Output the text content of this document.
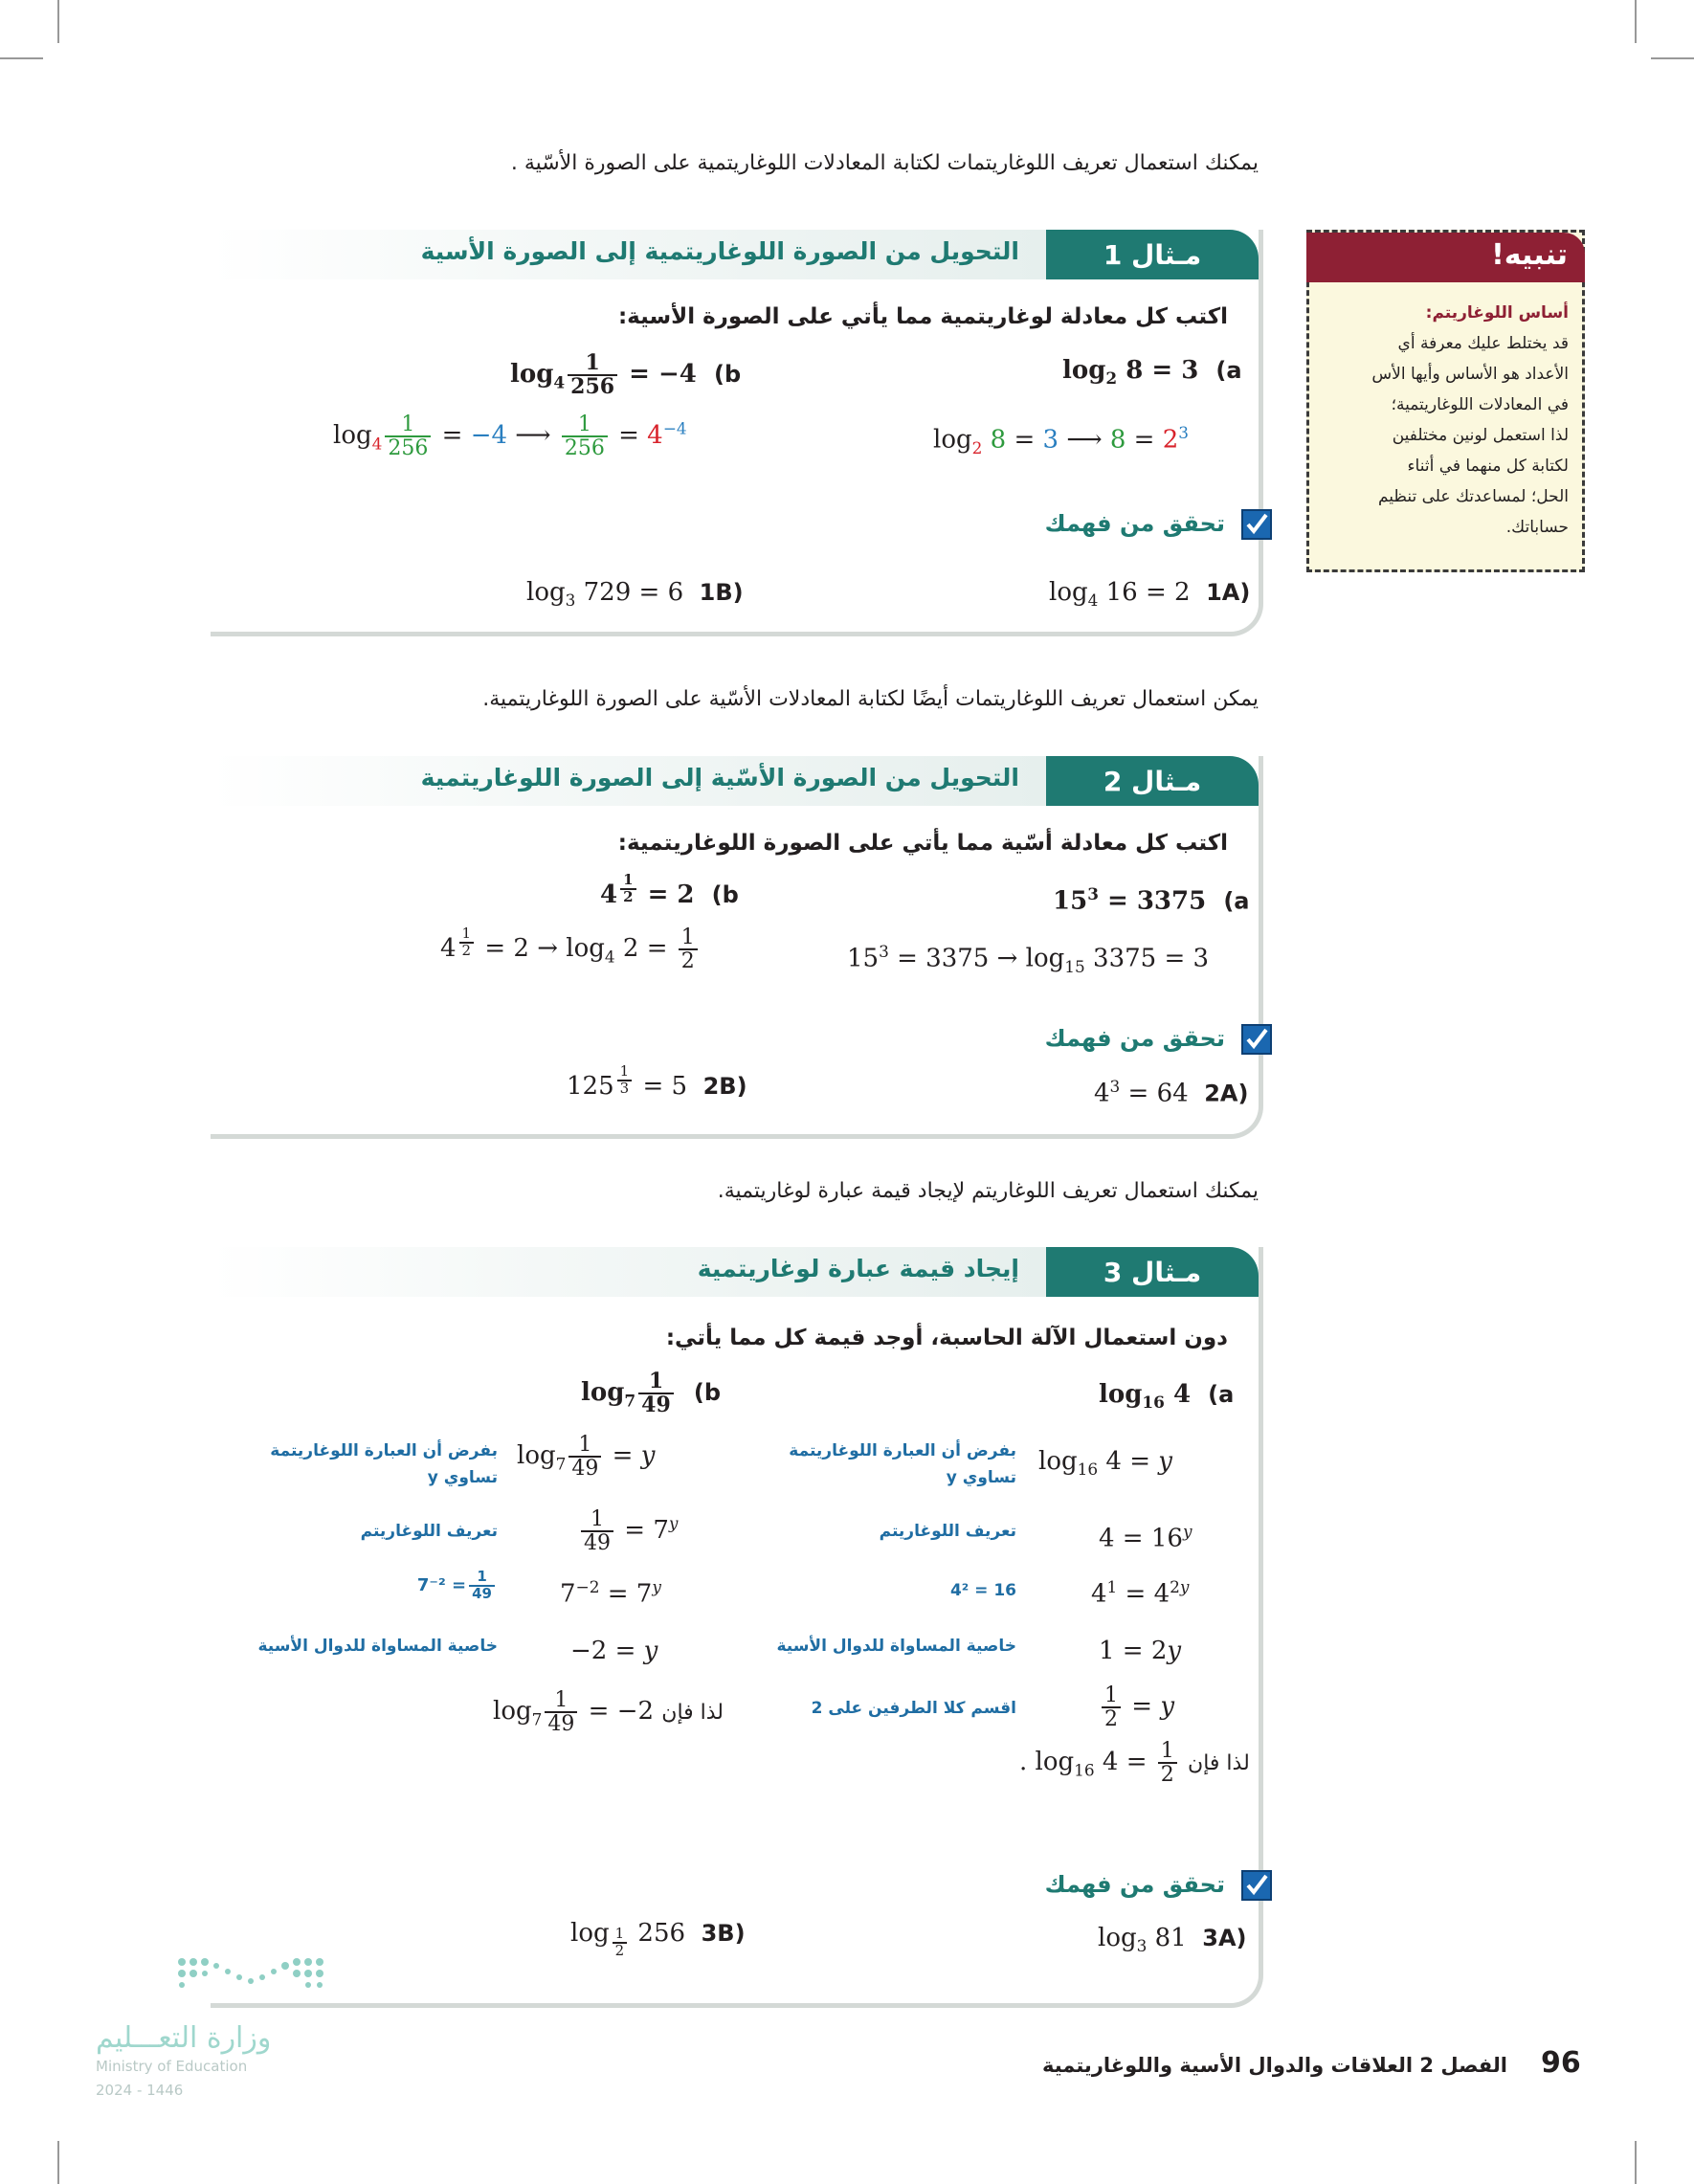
يمكنك استعمال تعريف اللوغاريتمات لكتابة المعادلات اللوغاريتمية على الصورة الأسّية .
تنبيه!
أساس اللوغاريتم:
قد يختلط عليك معرفة أي
الأعداد هو الأساس وأيها الأس
في المعادلات اللوغاريتمية؛
لذا استعمل لونين مختلفين
لكتابة كل منهما في أثناء
الحل؛ لمساعدتك على تنظيم
حساباتك.
مـثال 1
التحويل من الصورة اللوغاريتمية إلى الصورة الأسية
اكتب كل معادلة لوغاريتمية مما يأتي على الصورة الأسية:
$\log_2 8 = 3$  (a
$\log_2 8 = 3$ ⟶ $8 = 2^3$
$\log_4 \frac{1}{256} = -4$  (b
$\log_4 \frac{1}{256} = -4$ ⟶ $\frac{1}{256} = 4^{-4}$
تحقق من فهمك
$\log_4 16 = 2$  1A)
$\log_3 729 = 6$  1B)
يمكن استعمال تعريف اللوغاريتمات أيضًا لكتابة المعادلات الأسّية على الصورة اللوغاريتمية.
مـثال 2
التحويل من الصورة الأسّية إلى الصورة اللوغاريتمية
اكتب كل معادلة أسّية مما يأتي على الصورة اللوغاريتمية:
$15^3 = 3375$  (a
$15^3 = 3375 \to \log_{15} 3375 = 3$
4 $^{\frac{1}{2}}$ = 2  (b
4 $^{\frac{1}{2}} = 2 \to \log_4 2 = \frac{1}{2}$
تحقق من فهمك
$4^3 = 64$  2A)
125 $^{\frac{1}{3}}$ = 5  2B)
يمكنك استعمال تعريف اللوغاريتم لإيجاد قيمة عبارة لوغاريتمية.
مـثال 3
إيجاد قيمة عبارة لوغاريتمية
دون استعمال الآلة الحاسبة، أوجد قيمة كل مما يأتي:
$\log_{16} 4$  (a
$\log_{16} 4 = y$
بفرض أن العبارة اللوغاريتمة
تساوي y
$4 = 16^y$
تعريف اللوغاريتم
$4^1 = 4^{2y}$
16 = 4²
1 = 2y
خاصية المساواة للدوال الأسية
$\frac{1}{2} = y$
اقسم كلا الطرفين على 2
. $\log_{16} 4 = \frac{1}{2}$ لذا فإن
$\log_7 \frac{1}{49} (b$
$\log_7 \frac{1}{49} = y$
بفرض أن العبارة اللوغاريتمة
تساوي y
$\frac{1}{49} = 7^y$
تعريف اللوغاريتم
$7^{-2} = 7^y$
$\frac{1}{49}$
= 7⁻²
−2 = y
خاصية المساواة للدوال الأسية
$\log_7 \frac{1}{49} = -2$ لذا فإن
تحقق من فهمك
$\log_3 81$  3A)
log $_{\frac{1}{2}}$ 256  3B)
وزارة التعـــليم
Ministry of Education
2024 - 1446
96
الفصل 2 العلاقات والدوال الأسية واللوغاريتمية
